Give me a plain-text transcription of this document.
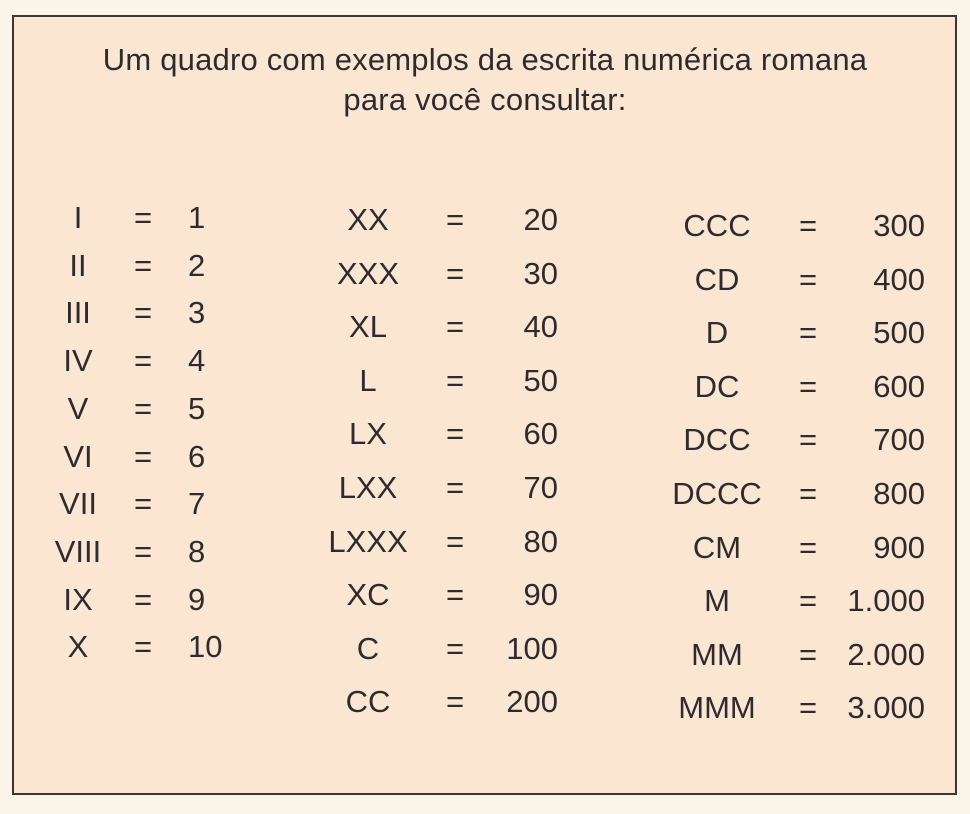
Um quadro com exemplos da escrita numérica romana
para você consultar:
I = 1
II = 2
III = 3
IV = 4
V = 5
VI = 6
VII = 7
VIII = 8
IX = 9
X = 10
XX = 20
XXX = 30
XL = 40
L = 50
LX = 60
LXX = 70
LXXX = 80
XC = 90
C = 100
CC = 200
CCC = 300
CD = 400
D = 500
DC = 600
DCC = 700
DCCC = 800
CM = 900
M = 1.000
MM = 2.000
MMM = 3.000
